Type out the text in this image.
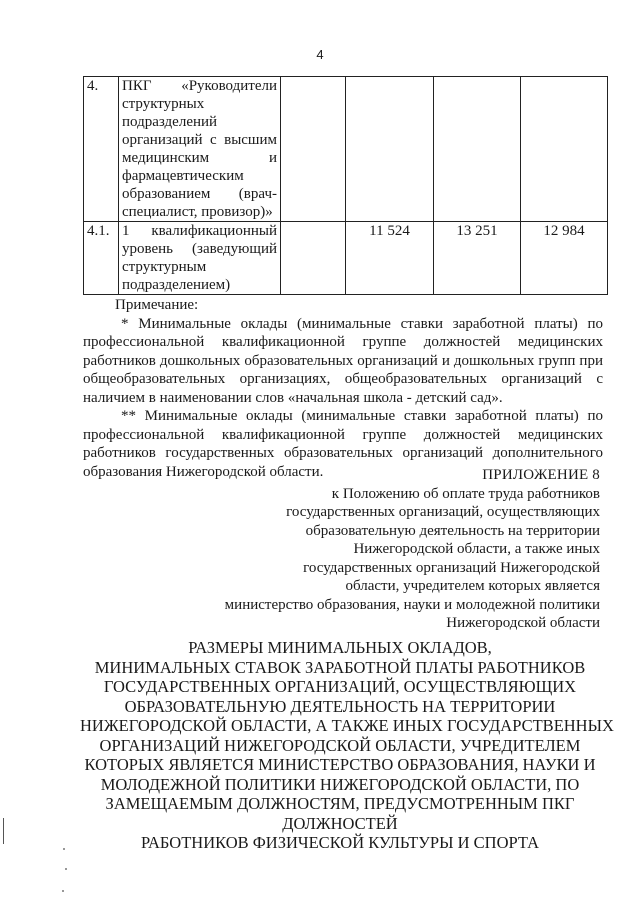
4
4.	ПКГ «Руководители структурных подразделений организаций с высшим медицинским и фармацевтическим образованием (врач-специалист, провизор)»				
4.1.	1 квалификационный уровень (заведующий структурным подразделением)		11 524	13 251	12 984

Примечание:

* Минимальные оклады (минимальные ставки заработной платы) по профессиональной квалификационной группе должностей медицинских работников дошкольных образовательных организаций и дошкольных групп при общеобразовательных организациях, общеобразовательных организаций с наличием в наименовании слов «начальная школа - детский сад».

** Минимальные оклады (минимальные ставки заработной платы) по профессиональной квалификационной группе должностей медицинских работников государственных образовательных организаций дополнительного образования Нижегородской области.	ПРИЛОЖЕНИЕ 8
к Положению об оплате труда работников
государственных организаций, осуществляющих
образовательную деятельность на территории
Нижегородской области, а также иных
государственных организаций Нижегородской
области, учредителем которых является
министерство образования, науки и молодежной политики
Нижегородской области
РАЗМЕРЫ МИНИМАЛЬНЫХ ОКЛАДОВ,
МИНИМАЛЬНЫХ СТАВОК ЗАРАБОТНОЙ ПЛАТЫ РАБОТНИКОВ
ГОСУДАРСТВЕННЫХ ОРГАНИЗАЦИЙ, ОСУЩЕСТВЛЯЮЩИХ
ОБРАЗОВАТЕЛЬНУЮ ДЕЯТЕЛЬНОСТЬ НА ТЕРРИТОРИИ
НИЖЕГОРОДСКОЙ ОБЛАСТИ, А ТАКЖЕ ИНЫХ ГОСУДАРСТВЕННЫХ
ОРГАНИЗАЦИЙ НИЖЕГОРОДСКОЙ ОБЛАСТИ, УЧРЕДИТЕЛЕМ
КОТОРЫХ ЯВЛЯЕТСЯ МИНИСТЕРСТВО ОБРАЗОВАНИЯ, НАУКИ И
МОЛОДЕЖНОЙ ПОЛИТИКИ НИЖЕГОРОДСКОЙ ОБЛАСТИ, ПО
ЗАМЕЩАЕМЫМ ДОЛЖНОСТЯМ, ПРЕДУСМОТРЕННЫМ ПКГ
ДОЛЖНОСТЕЙ
РАБОТНИКОВ ФИЗИЧЕСКОЙ КУЛЬТУРЫ И СПОРТА
